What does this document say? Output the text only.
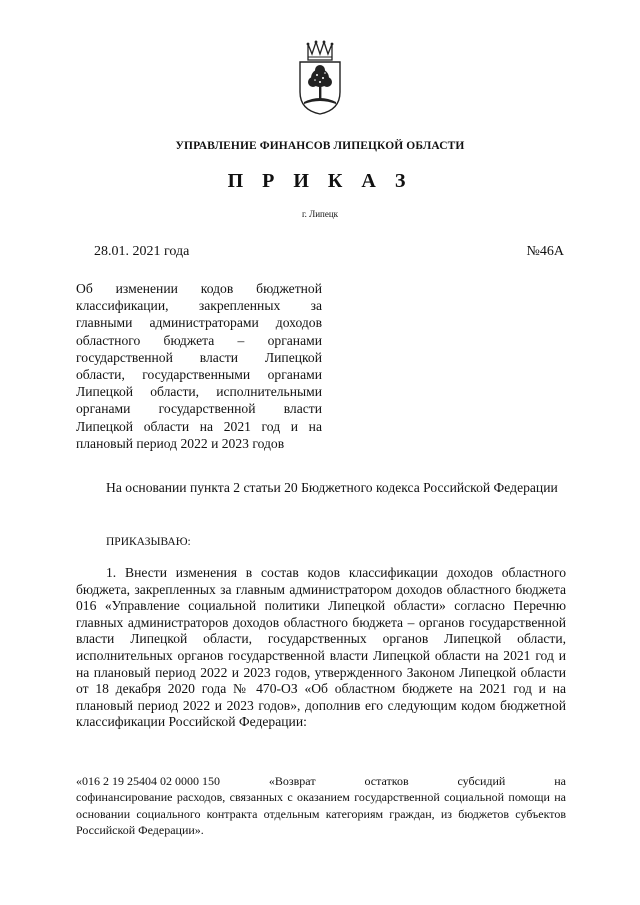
УПРАВЛЕНИЕ ФИНАНСОВ ЛИПЕЦКОЙ ОБЛАСТИ
П Р И К А З
г. Липецк
28.01. 2021 года	№46А
Об изменении кодов бюджетной классификации, закрепленных за главными администраторами доходов областного бюджета – органами государственной власти Липецкой области, государственными органами Липецкой области, исполнительными органами государственной власти Липецкой области на 2021 год и на плановый период 2022 и 2023 годов

На основании пункта 2 статьи 20 Бюджетного кодекса Российской Федерации

ПРИКАЗЫВАЮ:

1. Внести изменения в состав кодов классификации доходов областного бюджета, закрепленных за главным администратором доходов областного бюджета 016 «Управление социальной политики Липецкой области» согласно Перечню главных администраторов доходов областного бюджета – органов государственной власти Липецкой области, государственных органов Липецкой области, исполнительных органов государственной власти Липецкой области на 2021 год и на плановый период 2022 и 2023 годов, утвержденного Законом Липецкой области от 18 декабря 2020 года № 470-ОЗ «Об областном бюджете на 2021 год и на плановый период 2022 и 2023 годов», дополнив его следующим кодом бюджетной классификации Российской Федерации:

«016 2 19 25404 02 0000 150	«Возврат	остатков	субсидий	на
софинансирование расходов, связанных с оказанием государственной социальной помощи на основании социального контракта отдельным категориям граждан, из бюджетов субъектов Российской Федерации».
